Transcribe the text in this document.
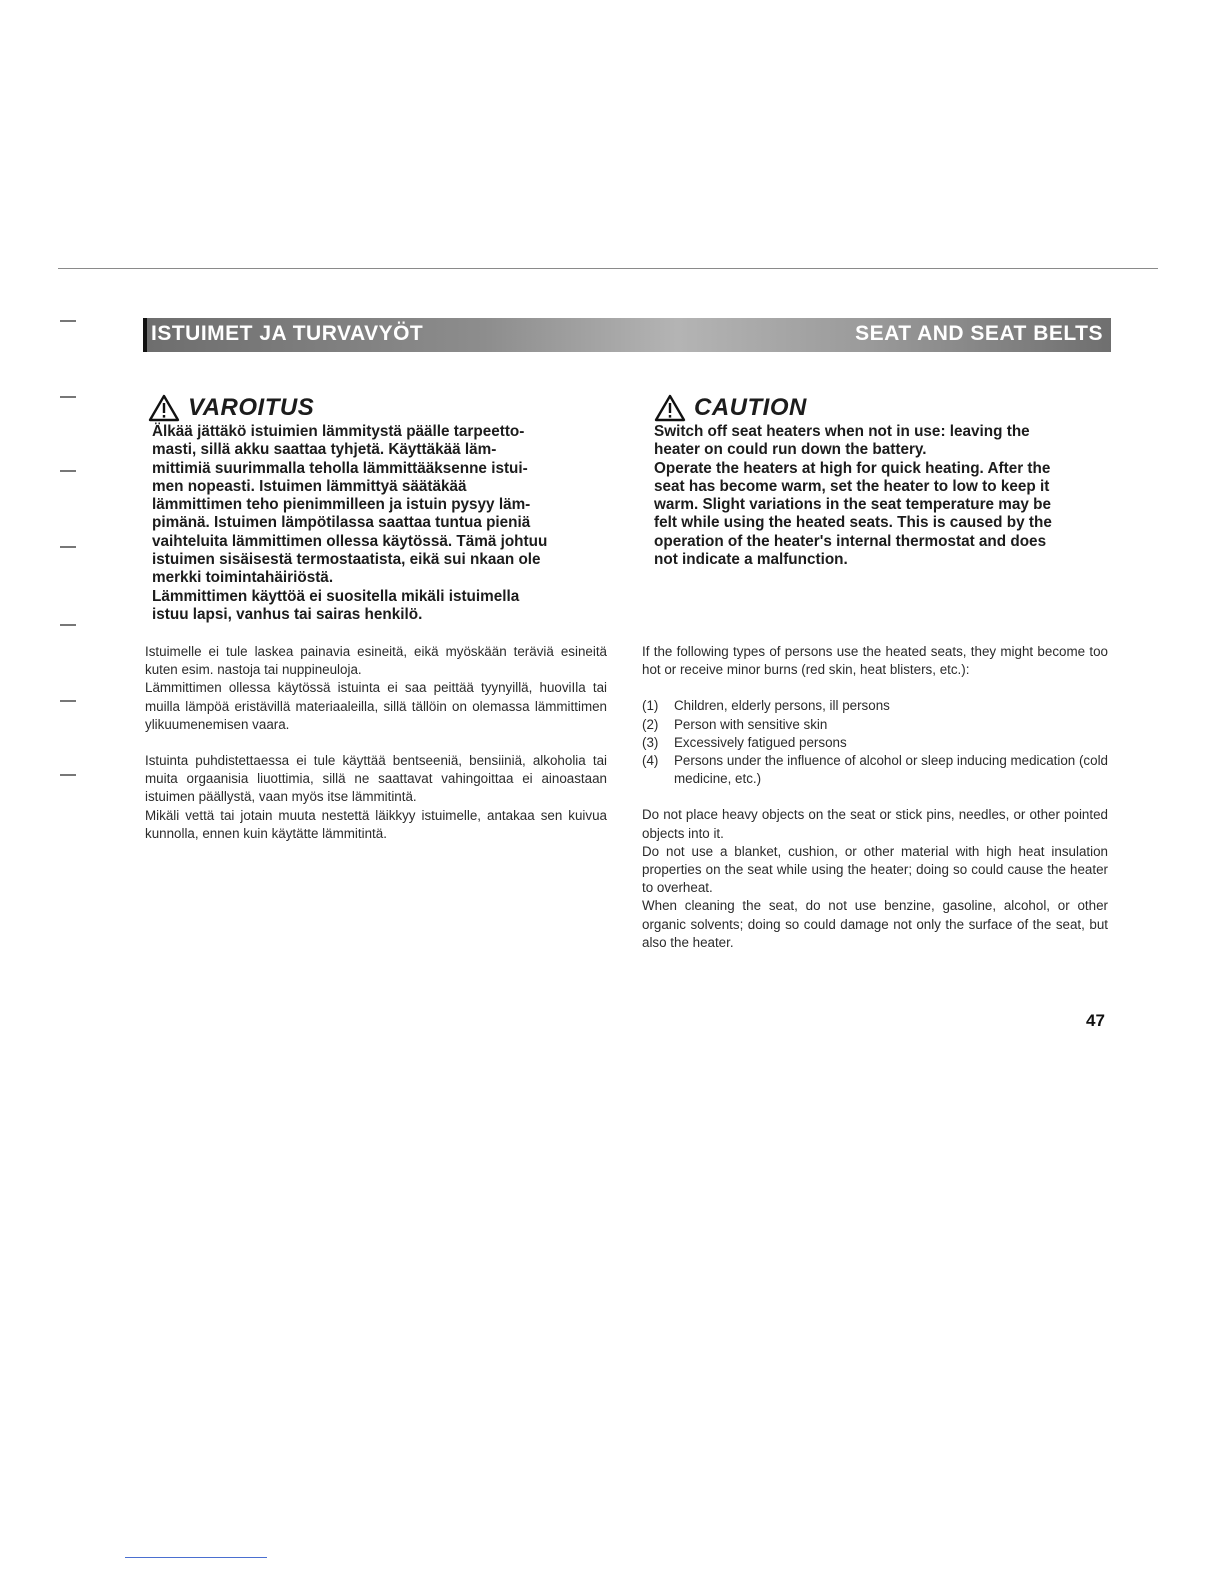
ISTUIMET JA TURVAVYÖT	SEAT AND SEAT BELTS
VAROITUS

Älkää jättäkö istuimien lämmitystä päälle tarpeetto-

masti, sillä akku saattaa tyhjetä. Käyttäkää läm-

mittimiä suurimmalla teholla lämmittääksenne istui-

men nopeasti. Istuimen lämmittyä säätäkää

lämmittimen teho pienimmilleen ja istuin pysyy läm-

pimänä. Istuimen lämpötilassa saattaa tuntua pieniä

vaihteluita lämmittimen ollessa käytössä. Tämä johtuu

istuimen sisäisestä termostaatista, eikä sui nkaan ole

merkki toimintahäiriöstä.

Lämmittimen käyttöä ei suositella mikäli istuimella

istuu lapsi, vanhus tai sairas henkilö.

CAUTION

Switch off seat heaters when not in use: leaving the

heater on could run down the battery.

Operate the heaters at high for quick heating. After the

seat has become warm, set the heater to low to keep it

warm. Slight variations in the seat temperature may be

felt while using the heated seats. This is caused by the

operation of the heater's internal thermostat and does

not indicate a malfunction.

Istuimelle ei tule laskea painavia esineitä, eikä myöskään teräviä esineitä kuten esim. nastoja tai nuppineuloja.

Lämmittimen ollessa käytössä istuinta ei saa peittää tyynyillä, huoviIla tai muilla lämpöä eristävillä materiaaleilla, sillä tällöin on olemassa lämmittimen ylikuumenemisen vaara.

Istuinta puhdistettaessa ei tule käyttää bentseeniä, bensiiniä, alkoholia tai muita orgaanisia liuottimia, sillä ne saattavat vahingoittaa ei ainoastaan istuimen päällystä, vaan myös itse lämmitintä.

Mikäli vettä tai jotain muuta nestettä läikkyy istuimelle, antakaa sen kuivua kunnolla, ennen kuin käytätte lämmitintä.

If the following types of persons use the heated seats, they might become too hot or receive minor burns (red skin, heat blisters, etc.):

(1)	Children, elderly persons, ill persons
(2)	Person with sensitive skin
(3)	Excessively fatigued persons
(4)	Persons under the influence of alcohol or sleep inducing medication (cold medicine, etc.)

Do not place heavy objects on the seat or stick pins, needles, or other pointed objects into it.

Do not use a blanket, cushion, or other material with high heat insulation properties on the seat while using the heater; doing so could cause the heater to overheat.

When cleaning the seat, do not use benzine, gasoline, alcohol, or other organic solvents; doing so could damage not only the surface of the seat, but also the heater.

47
